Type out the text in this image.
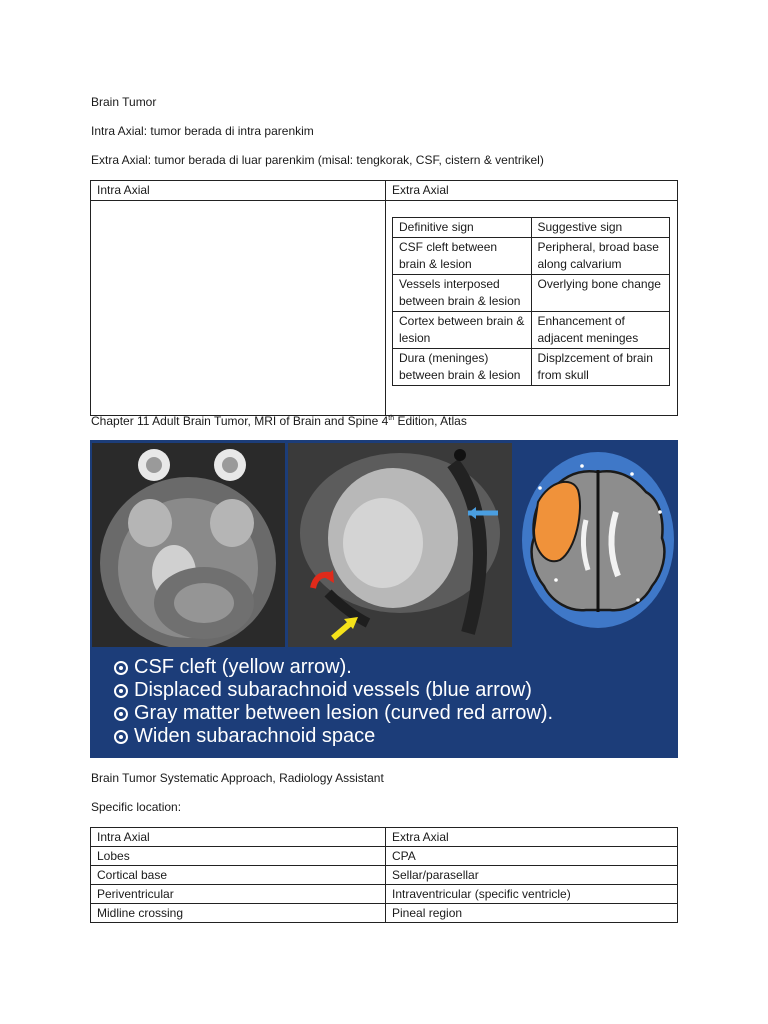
Brain Tumor
Intra Axial: tumor berada di intra parenkim
Extra Axial: tumor berada di luar parenkim (misal: tengkorak, CSF, cistern & ventrikel)
Intra Axial	Extra Axial

Definitive sign	Suggestive sign
CSF cleft between brain & lesion	Peripheral, broad base along calvarium
Vessels interposed between brain & lesion	Overlying bone change
Cortex between brain & lesion	Enhancement of adjacent meninges
Dura (meninges) between brain & lesion	Displzcement of brain from skull
Chapter 11 Adult Brain Tumor, MRI of Brain and Spine 4th Edition, Atlas
CSF cleft (yellow arrow).
Displaced subarachnoid vessels (blue arrow)
Gray matter between lesion (curved red arrow).
Widen subarachnoid space
Brain Tumor Systematic Approach, Radiology Assistant
Specific location:
Intra Axial	Extra Axial
Lobes	CPA
Cortical base	Sellar/parasellar
Periventricular	Intraventricular (specific ventricle)
Midline crossing	Pineal region
